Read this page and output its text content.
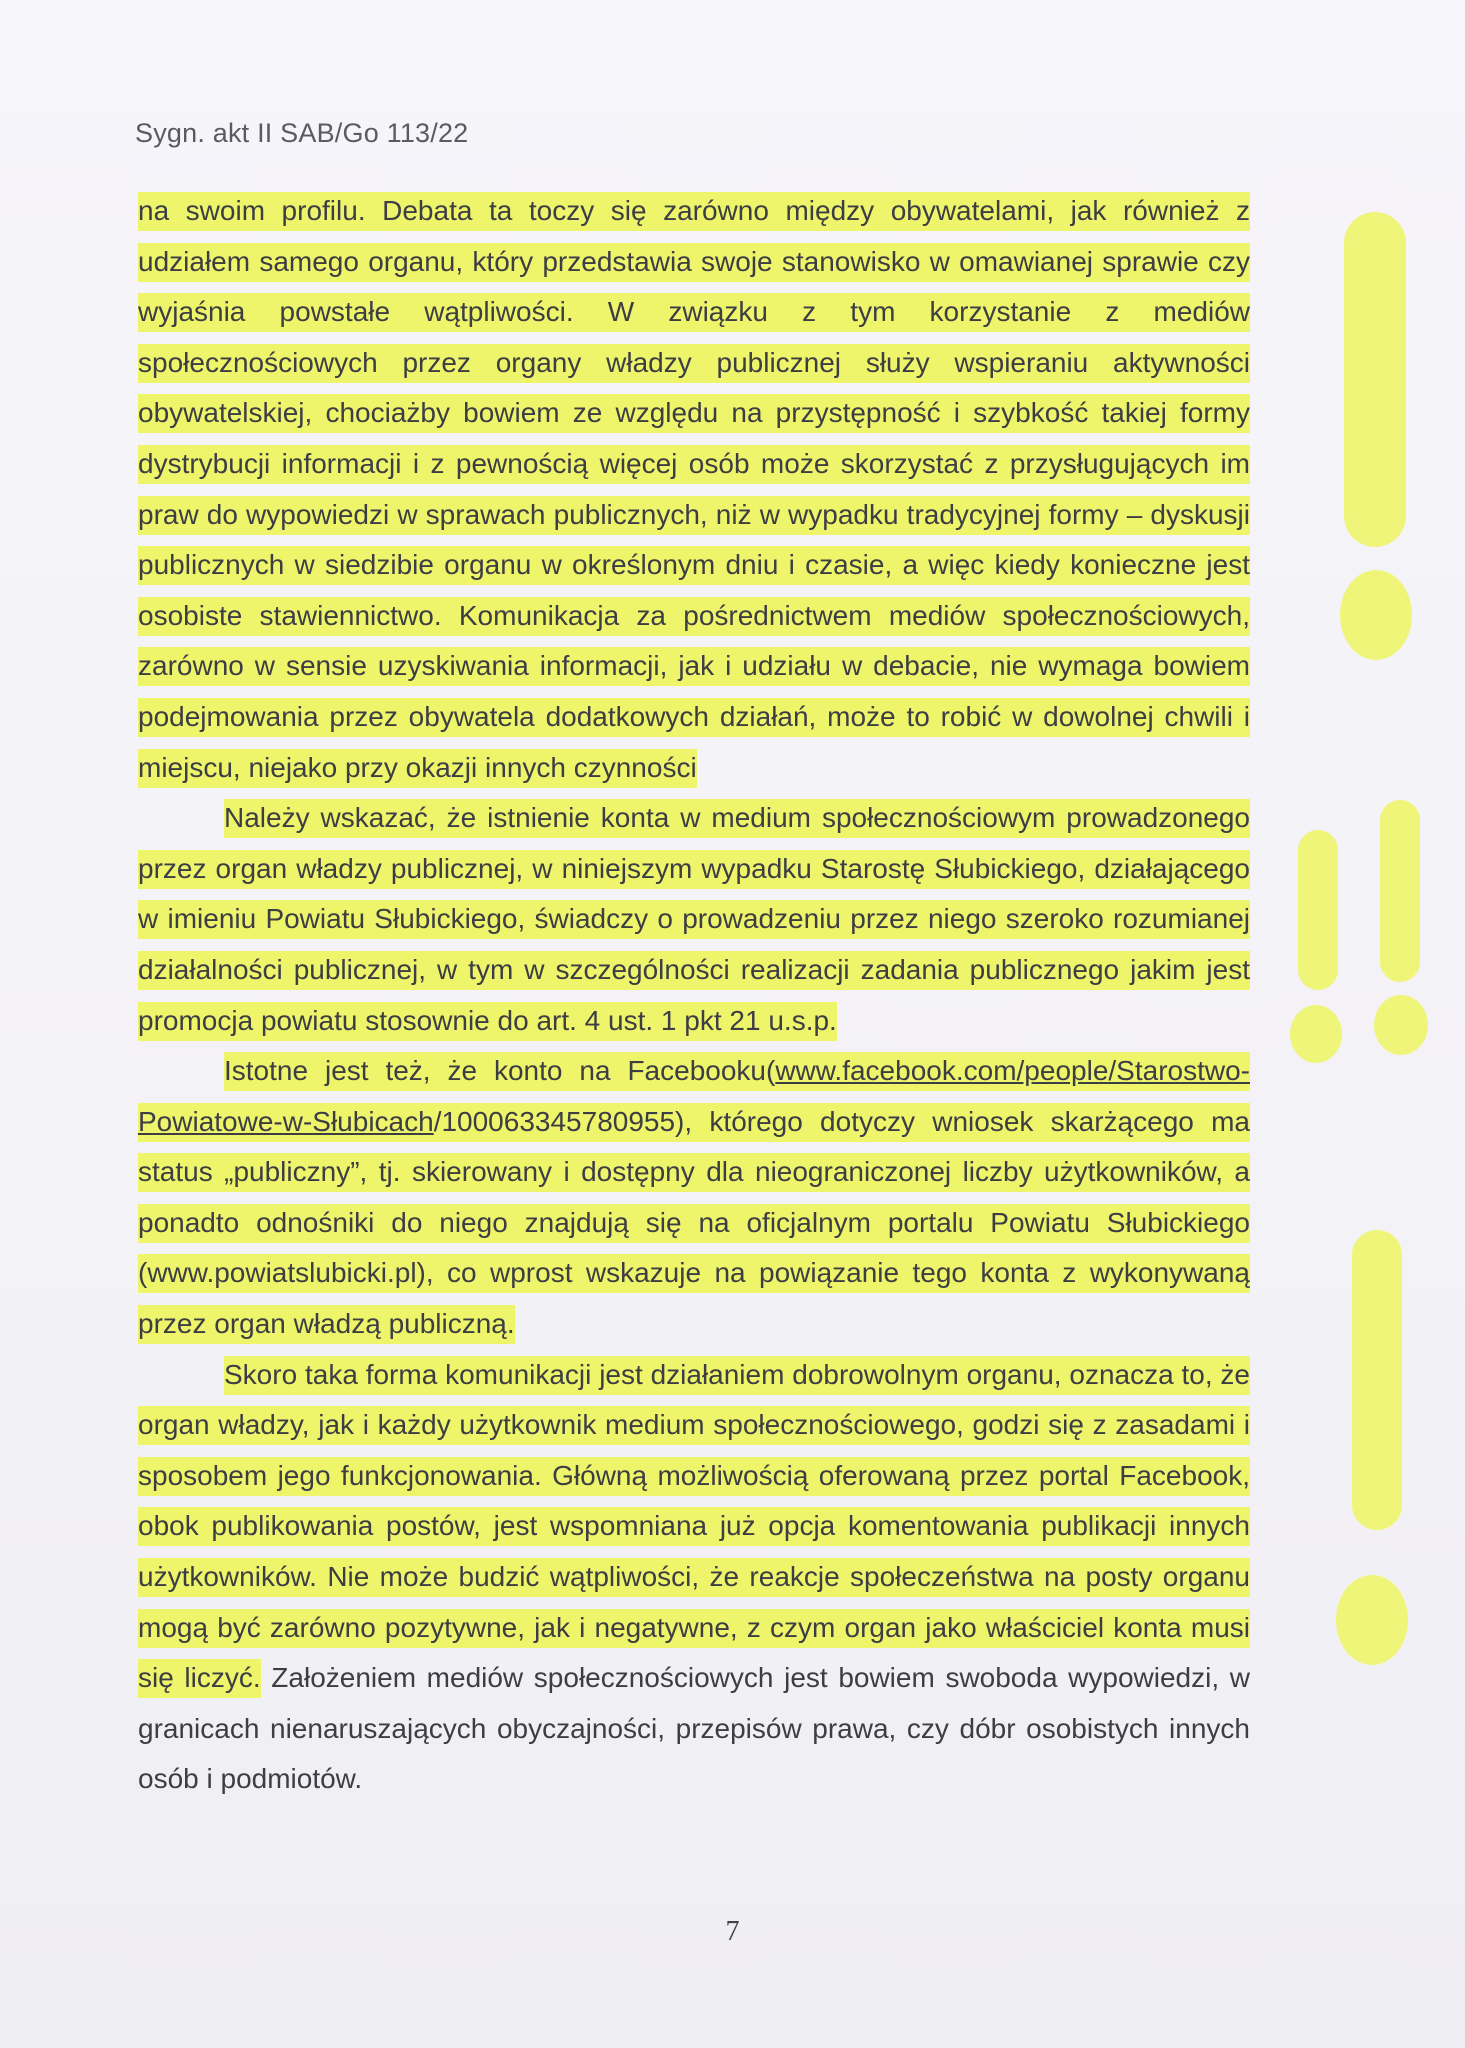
Sygn. akt II SAB/Go 113/22

na swoim profilu. Debata ta toczy się zarówno między obywatelami, jak również z udziałem samego organu, który przedstawia swoje stanowisko w omawianej sprawie czy wyjaśnia powstałe wątpliwości. W związku z tym korzystanie z mediów społecznościowych przez organy władzy publicznej służy wspieraniu aktywności obywatelskiej, chociażby bowiem ze względu na przystępność i szybkość takiej formy dystrybucji informacji i z pewnością więcej osób może skorzystać z przysługujących im praw do wypowiedzi w sprawach publicznych, niż w wypadku tradycyjnej formy – dyskusji publicznych w siedzibie organu w określonym dniu i czasie, a więc kiedy konieczne jest osobiste stawiennictwo. Komunikacja za pośrednictwem mediów społecznościowych, zarówno w sensie uzyskiwania informacji, jak i udziału w debacie, nie wymaga bowiem podejmowania przez obywatela dodatkowych działań, może to robić w dowolnej chwili i miejscu, niejako przy okazji innych czynności

Należy wskazać, że istnienie konta w medium społecznościowym prowadzonego przez organ władzy publicznej, w niniejszym wypadku Starostę Słubickiego, działającego w imieniu Powiatu Słubickiego, świadczy o prowadzeniu przez niego szeroko rozumianej działalności publicznej, w tym w szczególności realizacji zadania publicznego jakim jest promocja powiatu stosownie do art. 4 ust. 1 pkt 21 u.s.p.

Istotne jest też, że konto na Facebooku(www.facebook.com/people/Starostwo-Powiatowe-w-Słubicach/100063345780955), którego dotyczy wniosek skarżącego ma status „publiczny”, tj. skierowany i dostępny dla nieograniczonej liczby użytkowników, a ponadto odnośniki do niego znajdują się na oficjalnym portalu Powiatu Słubickiego (www.powiatslubicki.pl), co wprost wskazuje na powiązanie tego konta z wykonywaną przez organ władzą publiczną.

Skoro taka forma komunikacji jest działaniem dobrowolnym organu, oznacza to, że organ władzy, jak i każdy użytkownik medium społecznościowego, godzi się z zasadami i sposobem jego funkcjonowania. Główną możliwością oferowaną przez portal Facebook, obok publikowania postów, jest wspomniana już opcja komentowania publikacji innych użytkowników. Nie może budzić wątpliwości, że reakcje społeczeństwa na posty organu mogą być zarówno pozytywne, jak i negatywne, z czym organ jako właściciel konta musi się liczyć. Założeniem mediów społecznościowych jest bowiem swoboda wypowiedzi, w granicach nienaruszających obyczajności, przepisów prawa, czy dóbr osobistych innych osób i podmiotów.

7
